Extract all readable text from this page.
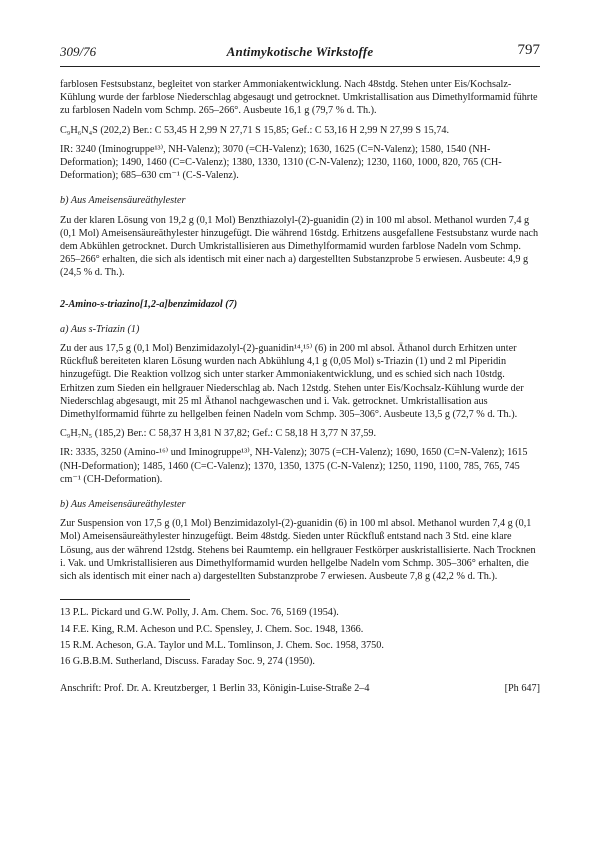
309/76	Antimykotische Wirkstoffe	797

farblosen Festsubstanz, begleitet von starker Ammoniakentwicklung. Nach 48stdg. Stehen unter Eis/Kochsalz-Kühlung wurde der farblose Niederschlag abgesaugt und getrocknet. Umkristallisation aus Dimethylformamid führte zu farblosen Nadeln vom Schmp. 265–266°. Ausbeute 16,1 g (79,7 % d. Th.).

C₉H₆N₄S (202,2) Ber.: C 53,45 H 2,99 N 27,71 S 15,85; Gef.: C 53,16 H 2,99 N 27,99 S 15,74.

IR: 3240 (Iminogruppe¹³⁾, NH-Valenz); 3070 (=CH-Valenz); 1630, 1625 (C=N-Valenz); 1580, 1540 (NH-Deformation); 1490, 1460 (C=C-Valenz); 1380, 1330, 1310 (C-N-Valenz); 1230, 1160, 1000, 820, 765 (CH-Deformation); 685–630 cm⁻¹ (C-S-Valenz).

b) Aus Ameisensäureäthylester

Zu der klaren Lösung von 19,2 g (0,1 Mol) Benzthiazolyl-(2)-guanidin (2) in 100 ml absol. Methanol wurden 7,4 g (0,1 Mol) Ameisensäureäthylester hinzugefügt. Die während 16stdg. Erhitzens ausgefallene Festsubstanz wurde nach dem Abkühlen getrocknet. Durch Umkristallisieren aus Dimethylformamid wurden farblose Nadeln vom Schmp. 265–266° erhalten, die sich als identisch mit einer nach a) dargestellten Substanzprobe 5 erwiesen. Ausbeute: 4,9 g (24,5 % d. Th.).

2-Amino-s-triazino[1,2-a]benzimidazol (7)

a) Aus s-Triazin (1)

Zu der aus 17,5 g (0,1 Mol) Benzimidazolyl-(2)-guanidin¹⁴,¹⁵⁾ (6) in 200 ml absol. Äthanol durch Erhitzen unter Rückfluß bereiteten klaren Lösung wurden nach Abkühlung 4,1 g (0,05 Mol) s-Triazin (1) und 2 ml Piperidin hinzugefügt. Die Reaktion vollzog sich unter starker Ammoniakentwicklung, und es schied sich nach 10stdg. Erhitzen zum Sieden ein hellgrauer Niederschlag ab. Nach 12stdg. Stehen unter Eis/Kochsalz-Kühlung wurde der Niederschlag abgesaugt, mit 25 ml Äthanol nachgewaschen und i. Vak. getrocknet. Umkristallisation aus Dimethylformamid führte zu hellgelben feinen Nadeln vom Schmp. 305–306°. Ausbeute 13,5 g (72,7 % d. Th.).

C₉H₇N₅ (185,2) Ber.: C 58,37 H 3,81 N 37,82; Gef.: C 58,18 H 3,77 N 37,59.

IR: 3335, 3250 (Amino-¹⁶⁾ und Iminogruppe¹³⁾, NH-Valenz); 3075 (=CH-Valenz); 1690, 1650 (C=N-Valenz); 1615 (NH-Deformation); 1485, 1460 (C=C-Valenz); 1370, 1350, 1375 (C-N-Valenz); 1250, 1190, 1100, 785, 765, 745 cm⁻¹ (CH-Deformation).

b) Aus Ameisensäureäthylester

Zur Suspension von 17,5 g (0,1 Mol) Benzimidazolyl-(2)-guanidin (6) in 100 ml absol. Methanol wurden 7,4 g (0,1 Mol) Ameisensäureäthylester hinzugefügt. Beim 48stdg. Sieden unter Rückfluß entstand nach 3 Std. eine klare Lösung, aus der während 12stdg. Stehens bei Raumtemp. ein hellgrauer Festkörper auskristallisierte. Nach Trocknen i. Vak. und Umkristallisieren aus Dimethylformamid wurden hellgelbe Nadeln vom Schmp. 305–306° erhalten, die sich als identisch mit einer nach a) dargestellten Substanzprobe 7 erwiesen. Ausbeute 7,8 g (42,2 % d. Th.).

13 P.L. Pickard und G.W. Polly, J. Am. Chem. Soc. 76, 5169 (1954).

14 F.E. King, R.M. Acheson und P.C. Spensley, J. Chem. Soc. 1948, 1366.

15 R.M. Acheson, G.A. Taylor und M.L. Tomlinson, J. Chem. Soc. 1958, 3750.

16 G.B.B.M. Sutherland, Discuss. Faraday Soc. 9, 274 (1950).

Anschrift: Prof. Dr. A. Kreutzberger, 1 Berlin 33, Königin-Luise-Straße 2–4	[Ph 647]
